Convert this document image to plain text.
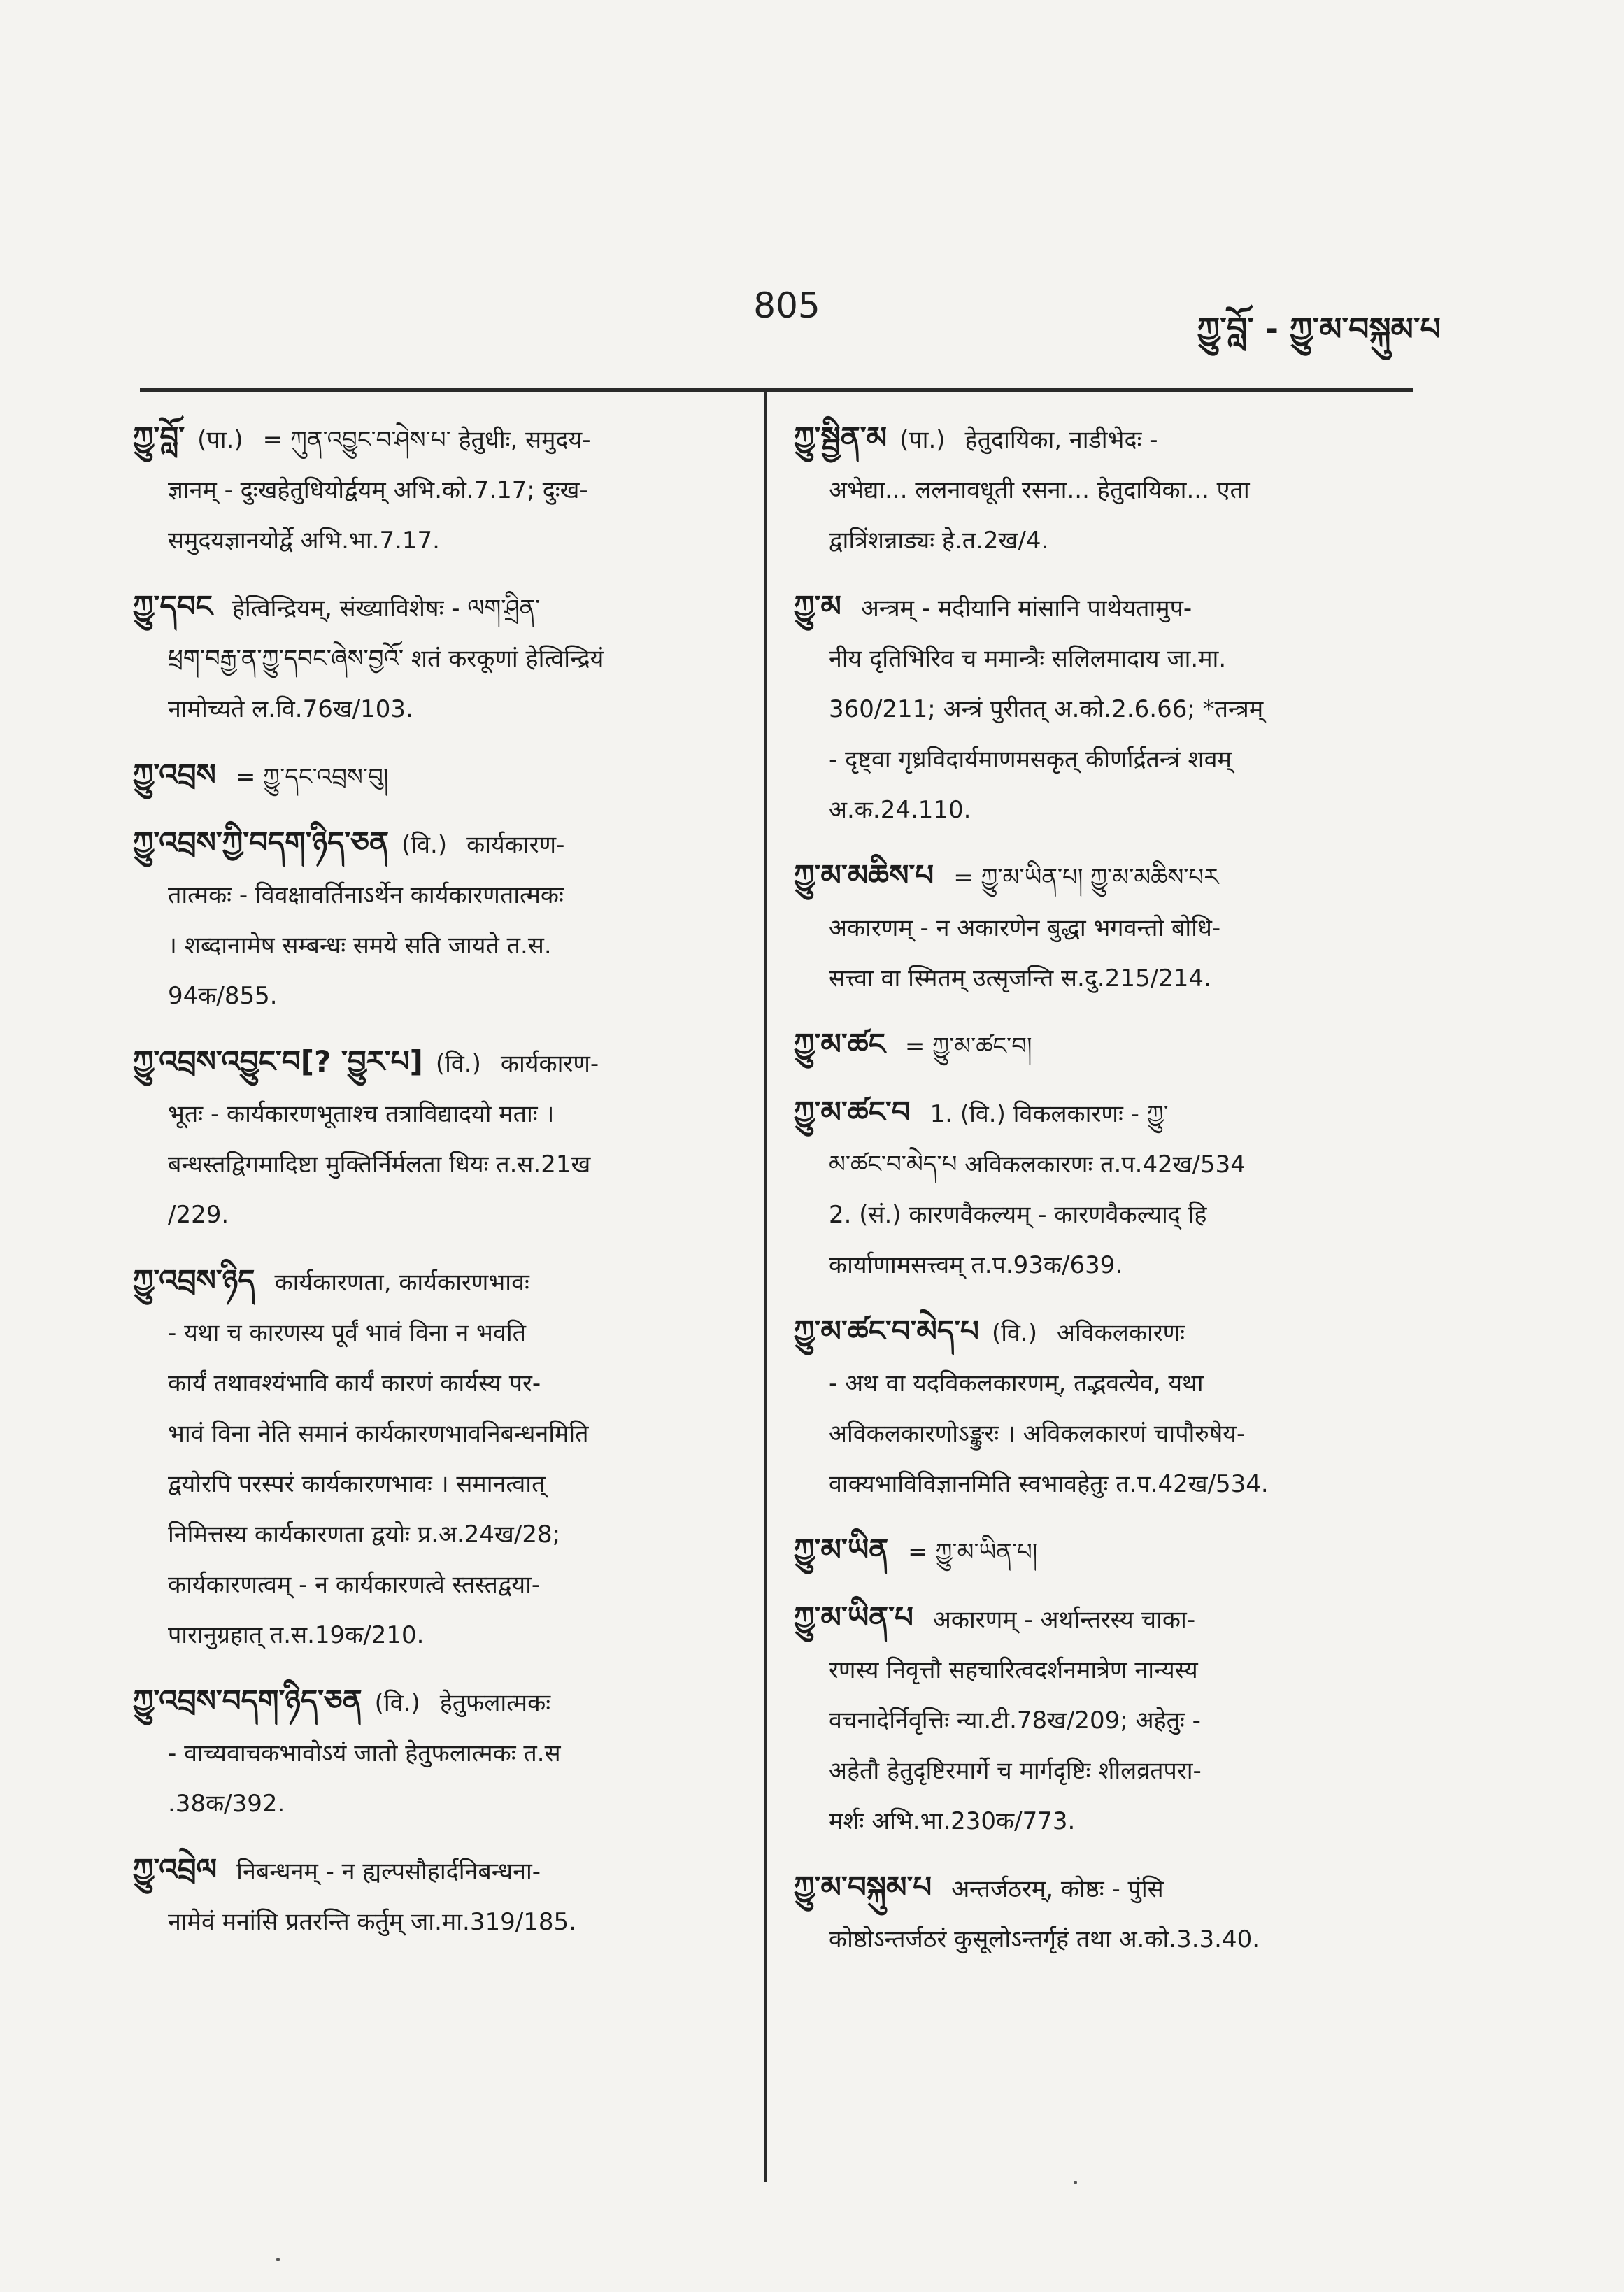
805
ཀྱུ་བློ་ - ཀྱུ་མ་བསྐུམ་པ

ཀྱུ་བློ་ (पा.) = ཀུན་འབྱུང་བ་ཤེས་པ་ हेतुधीः, समुदय-
ज्ञानम् - दुःखहेतुधियोर्द्वयम् अभि.को.7.17; दुःख-
समुदयज्ञानयोर्द्वे अभि.भा.7.17.

ཀྱུ་དབང हेत्विन्द्रियम्, संख्याविशेषः - ལག་ཤྲིན་
ཕྲག་བརྒྱ་ན་ཀྱུ་དབང་ཞེས་བྱའོ་ शतं करकूणां हेत्विन्द्रियं
नामोच्यते ल.वि.76ख/103.

ཀྱུ་འབྲས = ཀྱུ་དང་འབྲས་བུ།

ཀྱུ་འབྲས་ཀྱི་བདག་ཉིད་ཅན (वि.) कार्यकारण-
तात्मकः - विवक्षावर्तिनाऽर्थेन कार्यकारणतात्मकः
। शब्दानामेष सम्बन्धः समये सति जायते त.स.
94क/855.

ཀྱུ་འབྲས་འབྱུང་བ[? ༌བྱུར་པ] (वि.) कार्यकारण-
भूतः - कार्यकारणभूताश्च तत्राविद्यादयो मताः ।
बन्धस्तद्विगमादिष्टा मुक्तिर्निर्मलता धियः त.स.21ख
/229.

ཀྱུ་འབྲས་ཉིད कार्यकारणता, कार्यकारणभावः
- यथा च कारणस्य पूर्वं भावं विना न भवति
कार्यं तथावश्यंभावि कार्यं कारणं कार्यस्य पर-
भावं विना नेति समानं कार्यकारणभावनिबन्धनमिति
द्वयोरपि परस्परं कार्यकारणभावः । समानत्वात्
निमित्तस्य कार्यकारणता द्वयोः प्र.अ.24ख/28;
कार्यकारणत्वम् - न कार्यकारणत्वे स्तस्तद्वया-
पारानुग्रहात् त.स.19क/210.

ཀྱུ་འབྲས་བདག་ཉིད་ཅན (वि.) हेतुफलात्मकः
- वाच्यवाचकभावोऽयं जातो हेतुफलात्मकः त.स
.38क/392.

ཀྱུ་འབྲེལ निबन्धनम् - न ह्यल्पसौहार्दनिबन्धना-
नामेवं मनांसि प्रतरन्ति कर्तुम् जा.मा.319/185.

ཀྱུ་སྦྱིན་མ (पा.) हेतुदायिका, नाडीभेदः -
अभेद्या... ललनावधूती रसना... हेतुदायिका... एता
द्वात्रिंशन्नाड्यः हे.त.2ख/4.

ཀྱུ་མ अन्त्रम् - मदीयानि मांसानि पाथेयतामुप-
नीय दृतिभिरिव च ममान्त्रैः सलिलमादाय जा.मा.
360/211; अन्त्रं पुरीतत् अ.को.2.6.66; *तन्त्रम्
- दृष्ट्वा गृध्रविदार्यमाणमसकृत् कीर्णार्द्रतन्त्रं शवम्
अ.क.24.110.

ཀྱུ་མ་མཆིས་པ = ཀྱུ་མ་ཡིན་པ། ཀྱུ་མ་མཆིས་པར
अकारणम् - न अकारणेन बुद्धा भगवन्तो बोधि-
सत्त्वा वा स्मितम् उत्सृजन्ति स.दु.215/214.

ཀྱུ་མ་ཚང = ཀྱུ་མ་ཚང་བ།

ཀྱུ་མ་ཚང་བ 1. (वि.) विकलकारणः - ཀྱུ་
མ་ཚང་བ་མེད་པ अविकलकारणः त.प.42ख/534
2. (सं.) कारणवैकल्यम् - कारणवैकल्याद् हि
कार्याणामसत्त्वम् त.प.93क/639.

ཀྱུ་མ་ཚང་བ་མེད་པ (वि.) अविकलकारणः
- अथ वा यदविकलकारणम्, तद्भवत्येव, यथा
अविकलकारणोऽङ्कुरः । अविकलकारणं चापौरुषेय-
वाक्यभाविविज्ञानमिति स्वभावहेतुः त.प.42ख/534.

ཀྱུ་མ་ཡིན = ཀྱུ་མ་ཡིན་པ།

ཀྱུ་མ་ཡིན་པ अकारणम् - अर्थान्तरस्य चाका-
रणस्य निवृत्तौ सहचारित्वदर्शनमात्रेण नान्यस्य
वचनादेर्निवृत्तिः न्या.टी.78ख/209; अहेतुः -
अहेतौ हेतुदृष्टिरमार्गे च मार्गदृष्टिः शीलव्रतपरा-
मर्शः अभि.भा.230क/773.

ཀྱུ་མ་བསྐུམ་པ अन्तर्जठरम्, कोष्ठः - पुंसि
कोष्ठोऽन्तर्जठरं कुसूलोऽन्तर्गृहं तथा अ.को.3.3.40.
